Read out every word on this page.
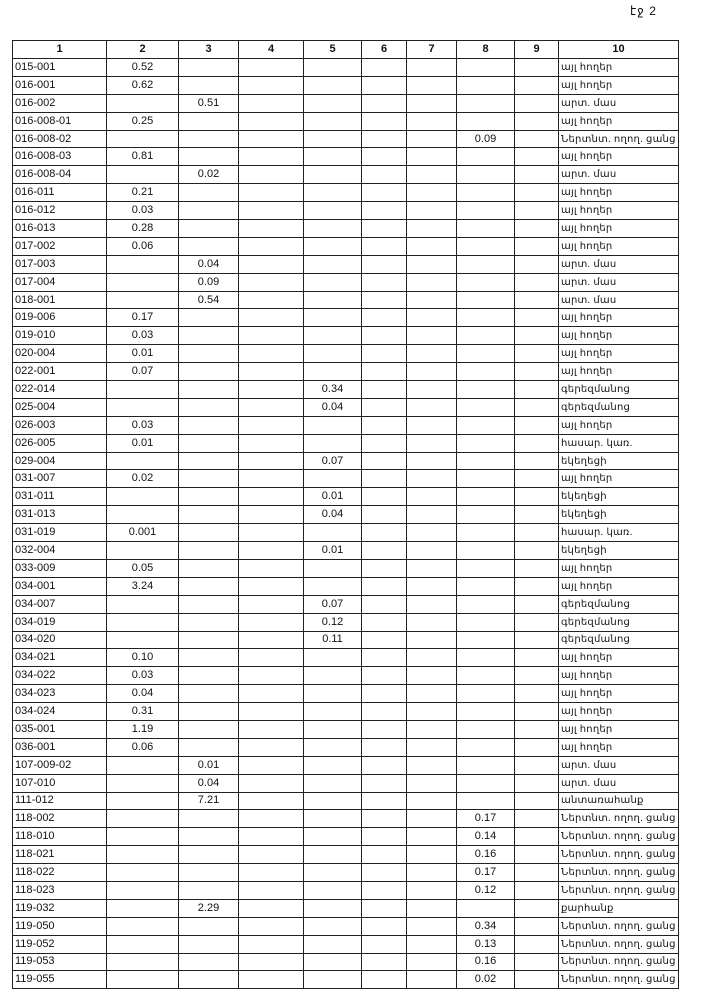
էջ 2
1	2	3	4	5	6	7	8	9	10
015-001	0.52								այլ հողեր
016-001	0.62								այլ հողեր
016-002		0.51							արտ. մաս
016-008-01	0.25								այլ հողեր
016-008-02							0.09		Ներտնտ. ողող. ցանց
016-008-03	0.81								այլ հողեր
016-008-04		0.02							արտ. մաս
016-011	0.21								այլ հողեր
016-012	0.03								այլ հողեր
016-013	0.28								այլ հողեր
017-002	0.06								այլ հողեր
017-003		0.04							արտ. մաս
017-004		0.09							արտ. մաս
018-001		0.54							արտ. մաս
019-006	0.17								այլ հողեր
019-010	0.03								այլ հողեր
020-004	0.01								այլ հողեր
022-001	0.07								այլ հողեր
022-014				0.34					գերեզմանոց
025-004				0.04					գերեզմանոց
026-003	0.03								այլ հողեր
026-005	0.01								հասար. կառ.
029-004				0.07					եկեղեցի
031-007	0.02								այլ հողեր
031-011				0.01					եկեղեցի
031-013				0.04					եկեղեցի
031-019	0.001								հասար. կառ.
032-004				0.01					եկեղեցի
033-009	0.05								այլ հողեր
034-001	3.24								այլ հողեր
034-007				0.07					գերեզմանոց
034-019				0.12					գերեզմանոց
034-020				0.11					գերեզմանոց
034-021	0.10								այլ հողեր
034-022	0.03								այլ հողեր
034-023	0.04								այլ հողեր
034-024	0.31								այլ հողեր
035-001	1.19								այլ հողեր
036-001	0.06								այլ հողեր
107-009-02		0.01							արտ. մաս
107-010		0.04							արտ. մաս
111-012		7.21							անտառահանք
118-002							0.17		Ներտնտ. ողող. ցանց
118-010							0.14		Ներտնտ. ողող. ցանց
118-021							0.16		Ներտնտ. ողող. ցանց
118-022							0.17		Ներտնտ. ողող. ցանց
118-023							0.12		Ներտնտ. ողող. ցանց
119-032		2.29							քարհանք
119-050							0.34		Ներտնտ. ողող. ցանց
119-052							0.13		Ներտնտ. ողող. ցանց
119-053							0.16		Ներտնտ. ողող. ցանց
119-055							0.02		Ներտնտ. ողող. ցանց
